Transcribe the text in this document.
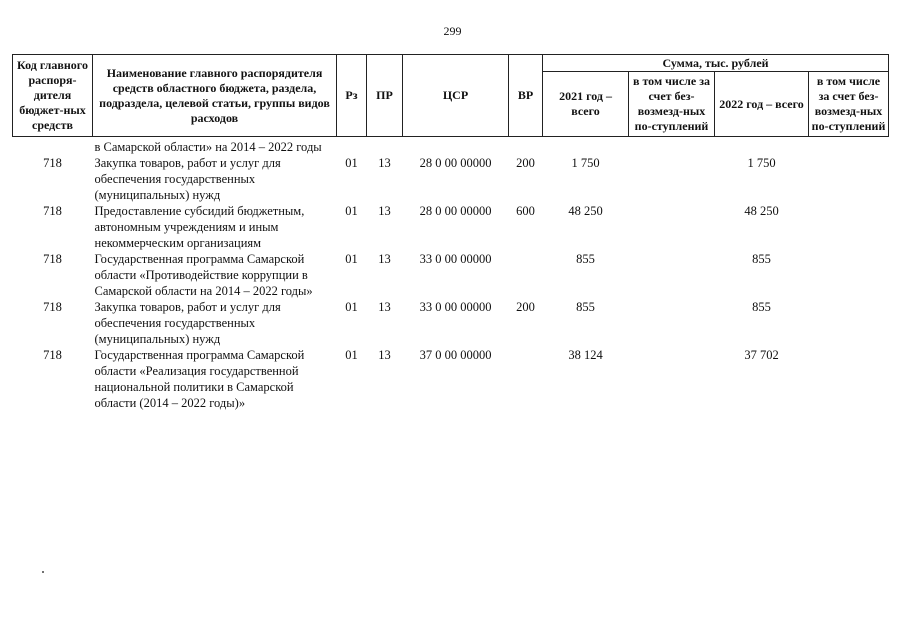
299
Код главного распоря-дителя бюджет-ных средств	Наименование главного распорядителя средств областного бюджета, раздела, подраздела, целевой статьи, группы видов расходов	Рз	ПР	ЦСР	ВР	Сумма, тыс. рублей			
						2021 год – всего	в том числе за счет без-возмезд-ных по-ступлений	2022 год – всего	в том числе за счет без-возмезд-ных по-ступлений
	в Самарской области» на 2014 – 2022 годы								
718	Закупка товаров, работ и услуг для обеспечения государственных (муниципальных) нужд	01	13	28 0 00 00000	200	1 750		1 750	
718	Предоставление субсидий бюджетным, автономным учреждениям и иным некоммерческим организациям	01	13	28 0 00 00000	600	48 250		48 250	
718	Государственная программа Самарской области «Противодействие коррупции в Самарской области на 2014 – 2022 годы»	01	13	33 0 00 00000		855		855	
718	Закупка товаров, работ и услуг для обеспечения государственных (муниципальных) нужд	01	13	33 0 00 00000	200	855		855	
718	Государственная программа Самарской области «Реализация государственной национальной политики в Самарской области (2014 – 2022 годы)»	01	13	37 0 00 00000		38 124		37 702	
